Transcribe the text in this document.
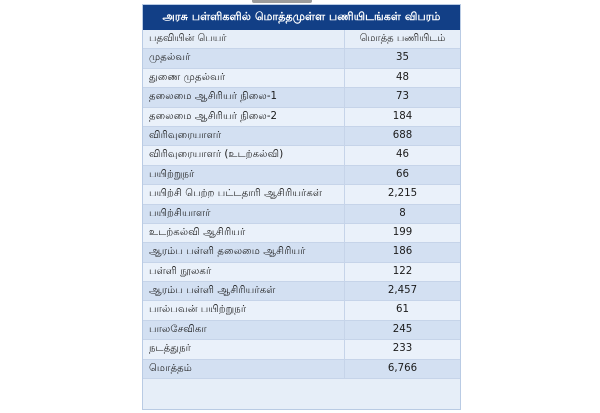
அரசு பள்ளிகளில் மொத்தமுள்ள பணியிடங்கள் விபரம்
பதவியின் பெயர்	மொத்த பணியிடம்
முதல்வர்	35
துணை முதல்வர்	48
தலைமை ஆசிரியர் நிலை-1	73
தலைமை ஆசிரியர் நிலை-2	184
விரிவுரையாளர்	688
விரிவுரையாளர் (உடற்கல்வி)	46
பயிற்றுநர்	66
பயிற்சி பெற்ற பட்டதாரி ஆசிரியர்கள்	2,215
பயிற்சியாளர்	8
உடற்கல்வி ஆசிரியர்	199
ஆரம்ப பள்ளி தலைமை ஆசிரியர்	186
பள்ளி நூலகர்	122
ஆரம்ப பள்ளி ஆசிரியர்கள்	2,457
பால்பவன் பயிற்றுநர்	61
பாலசேவிகா	245
நடத்துநர்	233
மொத்தம்	6,766
